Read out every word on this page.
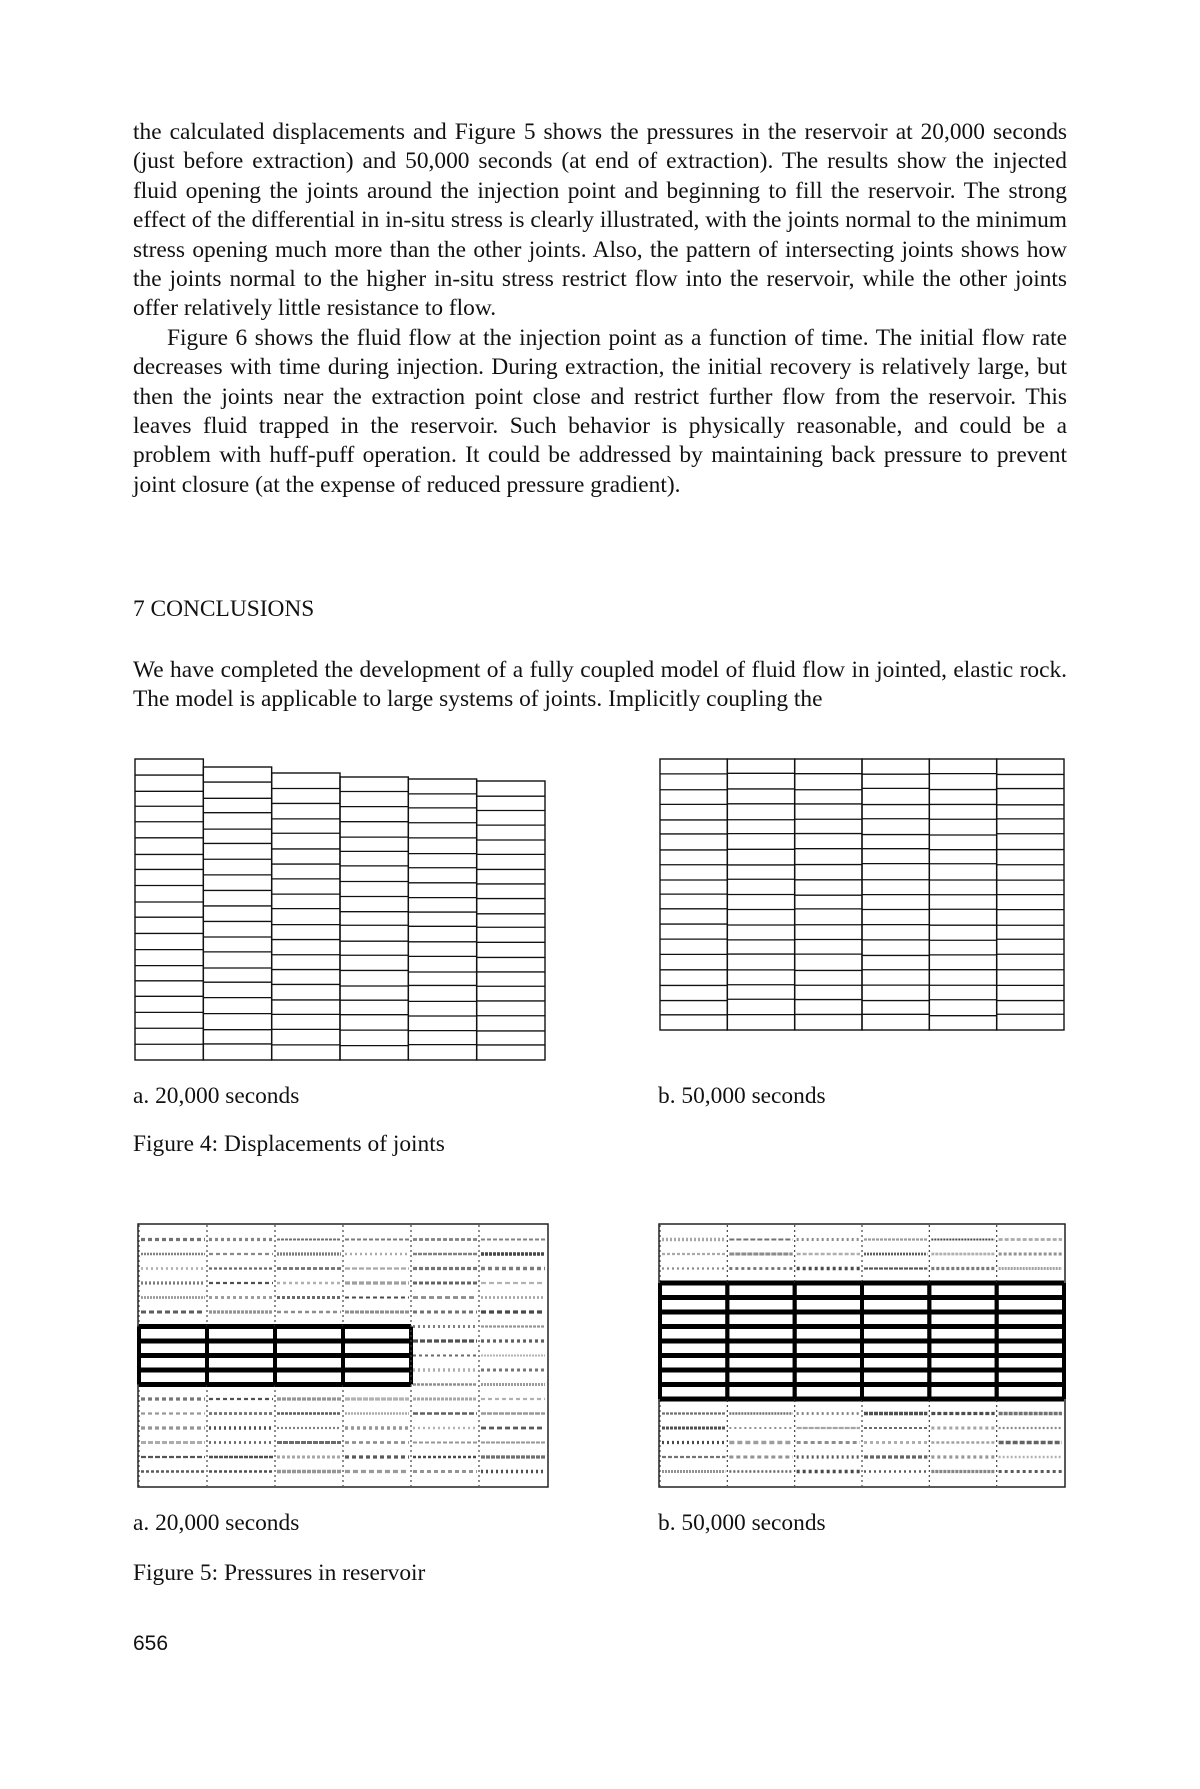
the calculated displacements and Figure 5 shows the pressures in the reservoir at 20,000 seconds (just before extraction) and 50,000 seconds (at end of extraction). The results show the injected fluid opening the joints around the injection point and beginning to fill the reservoir. The strong effect of the differential in in-situ stress is clearly illustrated, with the joints normal to the minimum stress opening much more than the other joints. Also, the pattern of intersecting joints shows how the joints normal to the higher in-situ stress restrict flow into the reservoir, while the other joints offer relatively little resistance to flow.

Figure 6 shows the fluid flow at the injection point as a function of time. The initial flow rate decreases with time during injection. During extraction, the initial recovery is relatively large, but then the joints near the extraction point close and restrict further flow from the reservoir. This leaves fluid trapped in the reservoir. Such behavior is physically reasonable, and could be a problem with huff-puff operation. It could be addressed by maintaining back pressure to prevent joint closure (at the expense of reduced pressure gradient).

7 CONCLUSIONS

We have completed the development of a fully coupled model of fluid flow in jointed, elastic rock. The model is applicable to large systems of joints. Implicitly coupling the

a. 20,000 seconds	b. 50,000 seconds

Figure 4: Displacements of joints

a. 20,000 seconds	b. 50,000 seconds

Figure 5: Pressures in reservoir

656
